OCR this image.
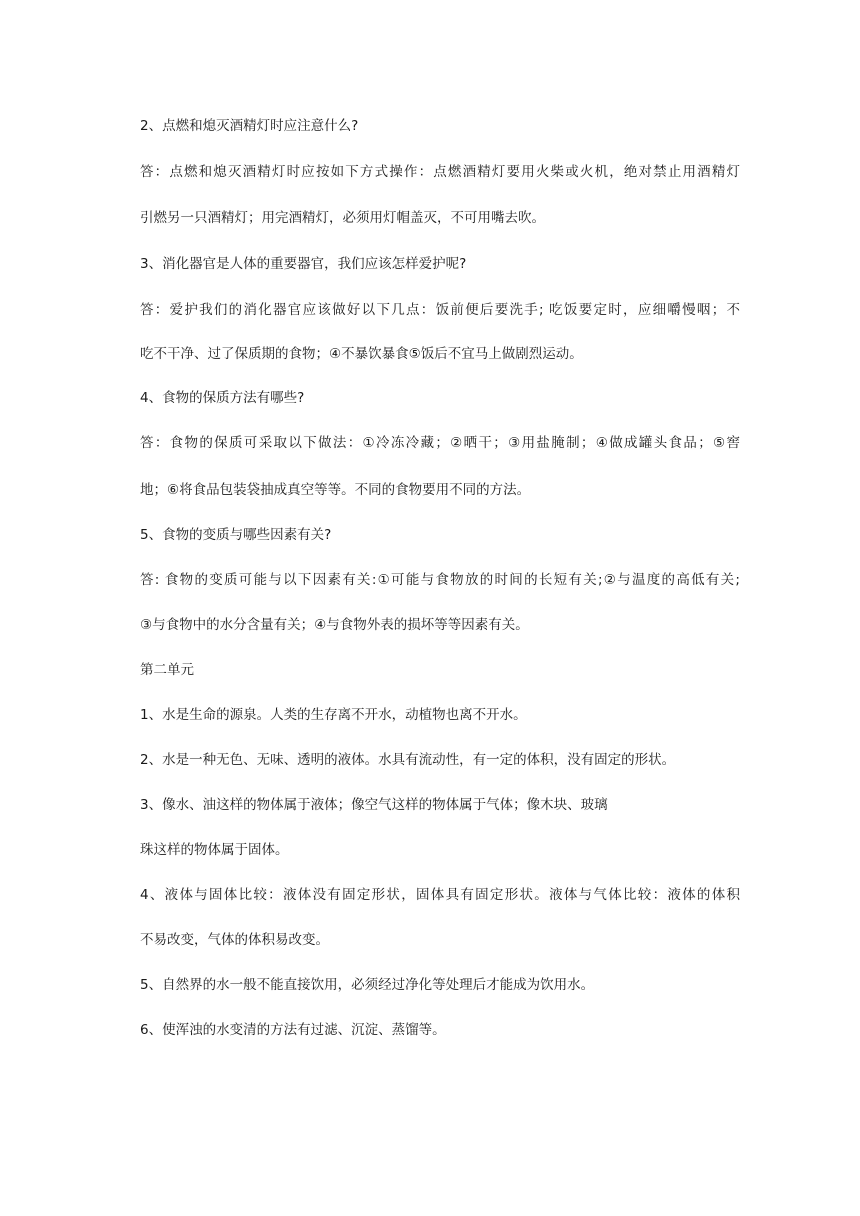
2、点燃和熄灭酒精灯时应注意什么?
答：点燃和熄灭酒精灯时应按如下方式操作：点燃酒精灯要用火柴或火机，绝对禁止用酒精灯
引燃另一只酒精灯；用完酒精灯，必须用灯帽盖灭，不可用嘴去吹。
3、消化器官是人体的重要器官，我们应该怎样爱护呢?
答：爱护我们的消化器官应该做好以下几点：饭前便后要洗手; 吃饭要定时，应细嚼慢咽；不
吃不干净、过了保质期的食物；④不暴饮暴食⑤饭后不宜马上做剧烈运动。
4、食物的保质方法有哪些?
答：食物的保质可采取以下做法：①冷冻冷藏；②晒干；③用盐腌制；④做成罐头食品；⑤窖
地；⑥将食品包装袋抽成真空等等。不同的食物要用不同的方法。
5、食物的变质与哪些因素有关?
答: 食物的变质可能与以下因素有关:①可能与食物放的时间的长短有关;②与温度的高低有关;
③与食物中的水分含量有关；④与食物外表的损坏等等因素有关。
第二单元
1、水是生命的源泉。人类的生存离不开水，动植物也离不开水。
2、水是一种无色、无味、透明的液体。水具有流动性，有一定的体积，没有固定的形状。
3、像水、油这样的物体属于液体；像空气这样的物体属于气体；像木块、玻璃
珠这样的物体属于固体。
4、液体与固体比较：液体没有固定形状，固体具有固定形状。液体与气体比较：液体的体积
不易改变，气体的体积易改变。
5、自然界的水一般不能直接饮用，必须经过净化等处理后才能成为饮用水。
6、使浑浊的水变清的方法有过滤、沉淀、蒸馏等。
